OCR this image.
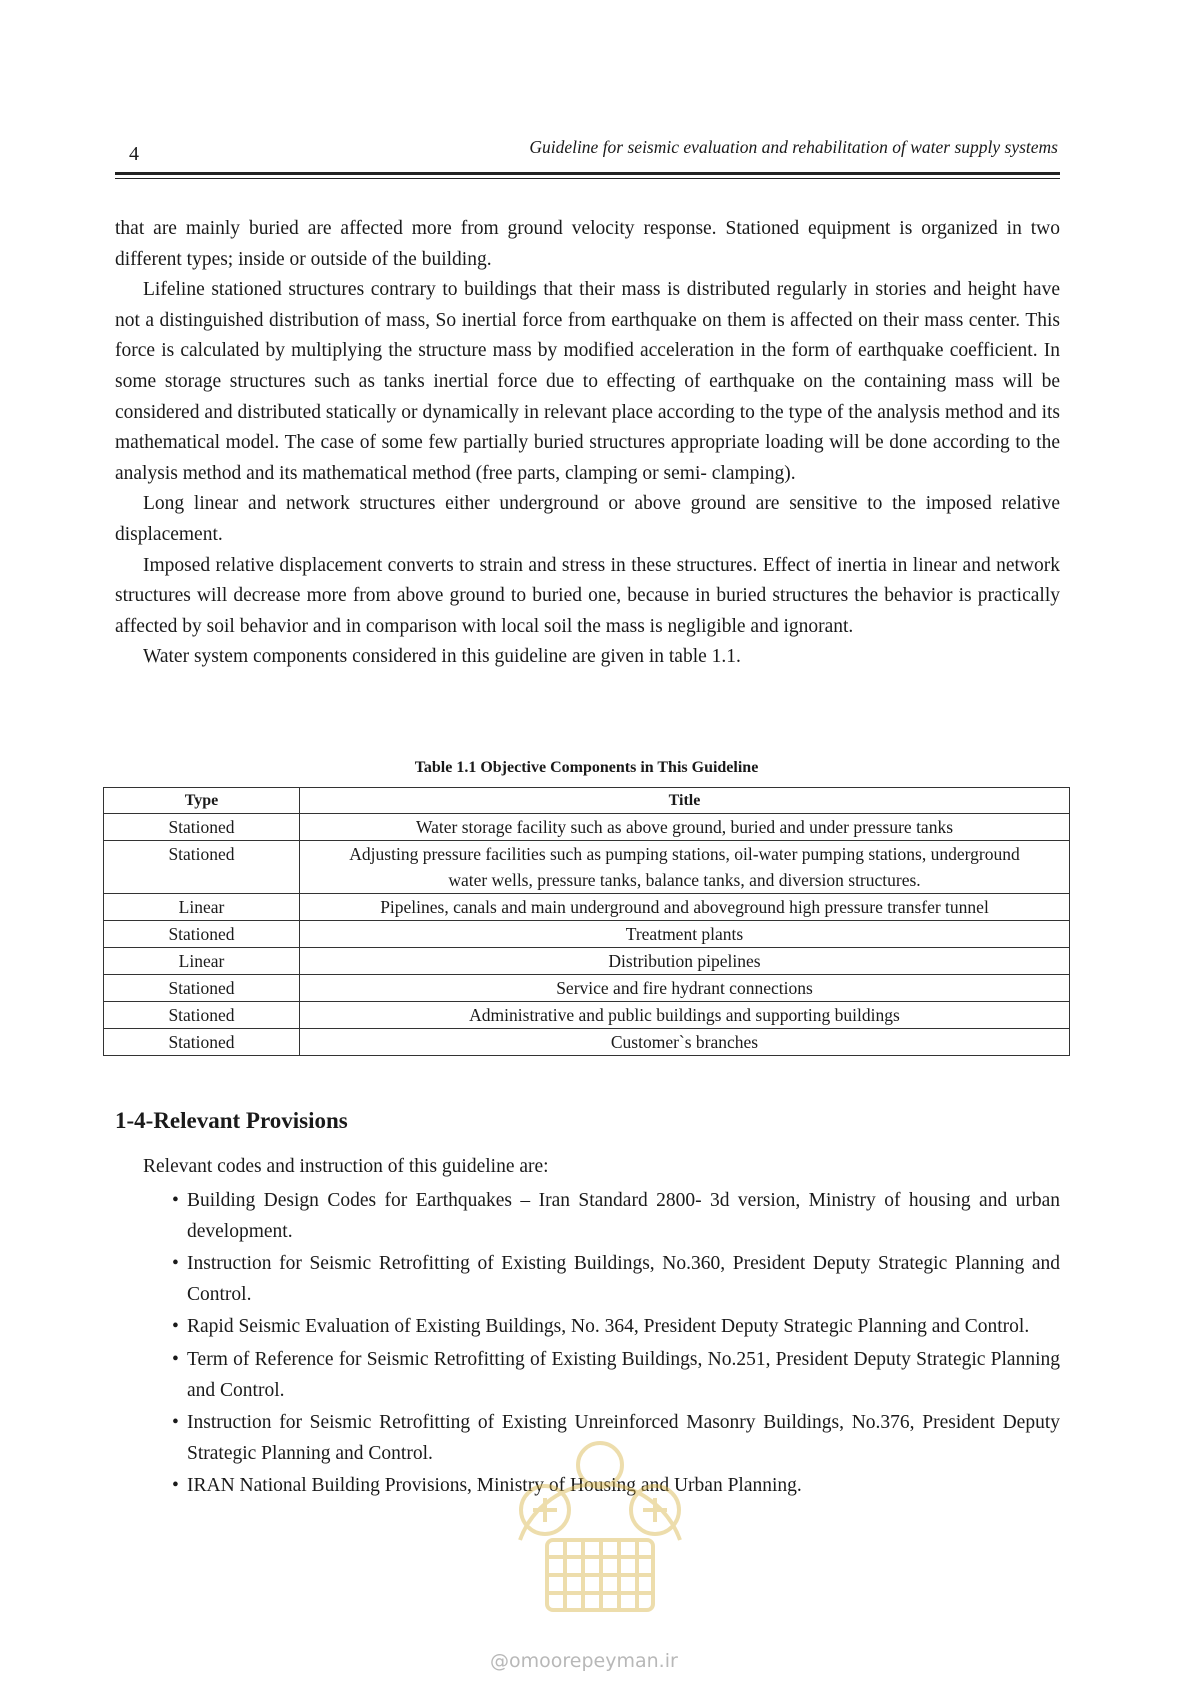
4	Guideline for seismic evaluation and rehabilitation of water supply systems

that are mainly buried are affected more from ground velocity response. Stationed equipment is organized in two different types; inside or outside of the building.

Lifeline stationed structures contrary to buildings that their mass is distributed regularly in stories and height have not a distinguished distribution of mass, So inertial force from earthquake on them is affected on their mass center. This force is calculated by multiplying the structure mass by modified acceleration in the form of earthquake coefficient. In some storage structures such as tanks inertial force due to effecting of earthquake on the containing mass will be considered and distributed statically or dynamically in relevant place according to the type of the analysis method and its mathematical model. The case of some few partially buried structures appropriate loading will be done according to the analysis method and its mathematical method (free parts, clamping or semi- clamping).

Long linear and network structures either underground or above ground are sensitive to the imposed relative displacement.

Imposed relative displacement converts to strain and stress in these structures. Effect of inertia in linear and network structures will decrease more from above ground to buried one, because in buried structures the behavior is practically affected by soil behavior and in comparison with local soil the mass is negligible and ignorant.

Water system components considered in this guideline are given in table 1.1.

Table 1.1 Objective Components in This Guideline
Type	Title
Stationed	Water storage facility such as above ground, buried and under pressure tanks
Stationed	Adjusting pressure facilities such as pumping stations, oil-water pumping stations, underground water wells, pressure tanks, balance tanks, and diversion structures.
Linear	Pipelines, canals and main underground and aboveground high pressure transfer tunnel
Stationed	Treatment plants
Linear	Distribution pipelines
Stationed	Service and fire hydrant connections
Stationed	Administrative and public buildings and supporting buildings
Stationed	Customer`s branches
1-4-Relevant Provisions
Relevant codes and instruction of this guideline are:
• Building Design Codes for Earthquakes – Iran Standard 2800- 3d version, Ministry of housing and urban development.
• Instruction for Seismic Retrofitting of Existing Buildings, No.360, President Deputy Strategic Planning and Control.
• Rapid Seismic Evaluation of Existing Buildings, No. 364, President Deputy Strategic Planning and Control.
• Term of Reference for Seismic Retrofitting of Existing Buildings, No.251, President Deputy Strategic Planning and Control.
• Instruction for Seismic Retrofitting of Existing Unreinforced Masonry Buildings, No.376, President Deputy Strategic Planning and Control.
• IRAN National Building Provisions, Ministry of Housing and Urban Planning.
@omoorepeyman.ir
